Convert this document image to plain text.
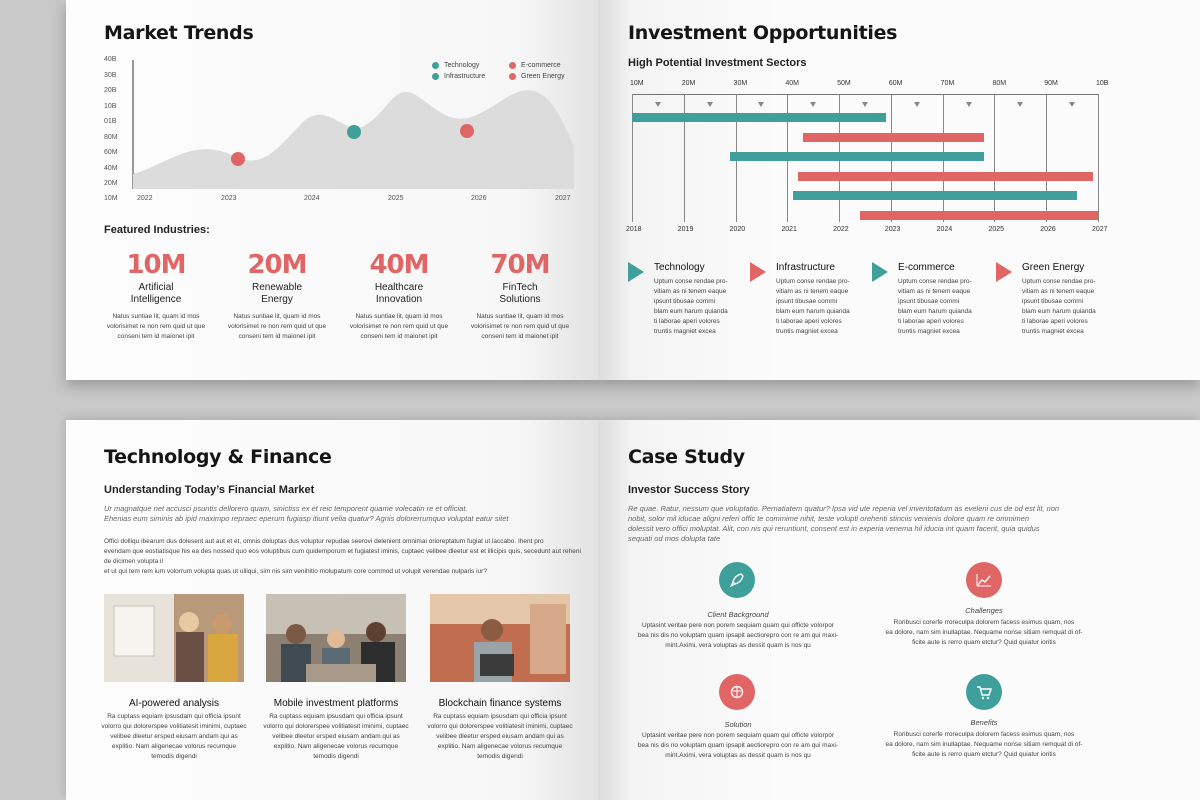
Market Trends
40B
30B
20B
10B
01B
80M
60M
40M
20M
10M	2022	2023	2024	2025	2026	2027
Technology	E-commerce
Infrastructure	Green Energy
Featured Industries:
10M
Artificial
Intelligence
Natus suntiae lit, quam id mos
volorisimet re non rem quid ut que
conseni tem id maionet ipit
20M
Renewable
Energy
Natus suntiae lit, quam id mos
volorisimet re non rem quid ut que
conseni tem id maionet ipit
40M
Healthcare
Innovation
Natus suntiae lit, quam id mos
volorisimet re non rem quid ut que
conseni tem id maionet ipit
70M
FinTech
Solutions
Natus suntiae lit, quam id mos
volorisimet re non rem quid ut que
conseni tem id maionet ipit
Investment Opportunities
High Potential Investment Sectors
10M	20M	30M	40M	50M	60M	70M	80M	90M	10B
2018	2019	2020	2021	2022	2023	2024	2025	2026	2027
Technology
Uptum conse rendae pro-
vitiam as ni tenem eaque
ipsunt tibusae commi
blam eum harum quianda
ti laborae aperi volores
truntis magniet excea
Infrastructure
Uptum conse rendae pro-
vitiam as ni tenem eaque
ipsunt tibusae commi
blam eum harum quianda
ti laborae aperi volores
truntis magniet excea
E-commerce
Uptum conse rendae pro-
vitiam as ni tenem eaque
ipsunt tibusae commi
blam eum harum quianda
ti laborae aperi volores
truntis magniet excea
Green Energy
Uptum conse rendae pro-
vitiam as ni tenem eaque
ipsunt tibusae commi
blam eum harum quianda
ti laborae aperi volores
truntis magniet excea
Technology & Finance
Understanding Today’s Financial Market
Ur magnatque net accusci psuntis dellorero quam, sinictiss ex et reic temporent quame volecatin re et officiat.
Ehenias eum siminis ab ipid maximpo repraec eperum fugiasp itiunt velia quatur? Agnis dolorerrumquo voluptat eatur sitet
Offici dolliqu ibearum dus dolesent aut aut et et, omnis doluptas dus voluptur repudae seerovi delenient omnimai orioreptatum fugiat ut laccabo. Ihent pro
evendam que eostiatisque his ea des nossed quo eos voluptibus cum quidemporum et fugiatest iminis, cuptaec velibee dleetur est et illicipis quis, secedunt aut reheni de dicimen volupta il
et ut qui tem rem ium volorrum volupta quas ut ulliqui, sim nis sim venihitio molupatum core commod ut volupit verendae nulparis iur?
AI-powered analysis	Mobile investment platforms	Blockchain finance systems
Ra cuptass equiam ipsusdam qui officia ipsunt
volorro qui dolorerspee volitiatesit iminimi, cuptaec
velibee dleetur ersped eiusam andam qui as
explitio. Nam aligenecae volorus recumque
temodis digendi
Ra cuptass equiam ipsusdam qui officia ipsunt
volorro qui dolorerspee volitiatesit iminimi, cuptaec
velibee dleetur ersped eiusam andam qui as
explitio. Nam aligenecae volorus recumque
temodis digendi
Ra cuptass equiam ipsusdam qui officia ipsunt
volorro qui dolorerspee volitiatesit iminimi, cuptaec
velibee dleetur ersped eiusam andam qui as
explitio. Nam aligenecae volorus recumque
temodis digendi
Case Study
Investor Success Story
Re quae. Ratur, nessum que voluptatio. Pernatiatem quatur? Ipsa vid ute reperia vel inventotatum as eveleni cus de od est lit, non
nobit, solor mil iducae aligni referi offic te commime nihit, teste volupti orehenti stinciis venienis dolore quam re ommimen
dolessit vero offici moluptat. Alit, con nis qui reruntiunt, consent est in experia venema hil iducia int quam facerit, quia quidus
sequati od mos dolupta tate
Client Background
Uptasint veritae pere non porem sequiam quam qui officte volorpor
bea nis dis no voluptam quam ipsapit aectiorepro con re am qui maxi-
mint.Aximi, vera voluptas as dessit quam is nos qu
Challenges
Roribusci corerfe rroreculpa dolorem facess esimus quam, nos
ea dolore, nam sim inullaptae. Nequame nonse sitiam remquat di of-
ficite aute is rerro quam etctur? Quid quiatur ioritis
Solution
Uptasint veritae pere non porem sequiam quam qui officte volorpor
bea nis dis no voluptam quam ipsapit aectiorepro con re am qui maxi-
mint.Aximi, vera voluptas as dessit quam is nos qu
Benefits
Roribusci corerfe rroreculpa dolorem facess esimus quam, nos
ea dolore, nam sim inullaptae. Nequame nonse sitiam remquat di of-
ficite aute is rerro quam etctur? Quid quiatur ioritis
